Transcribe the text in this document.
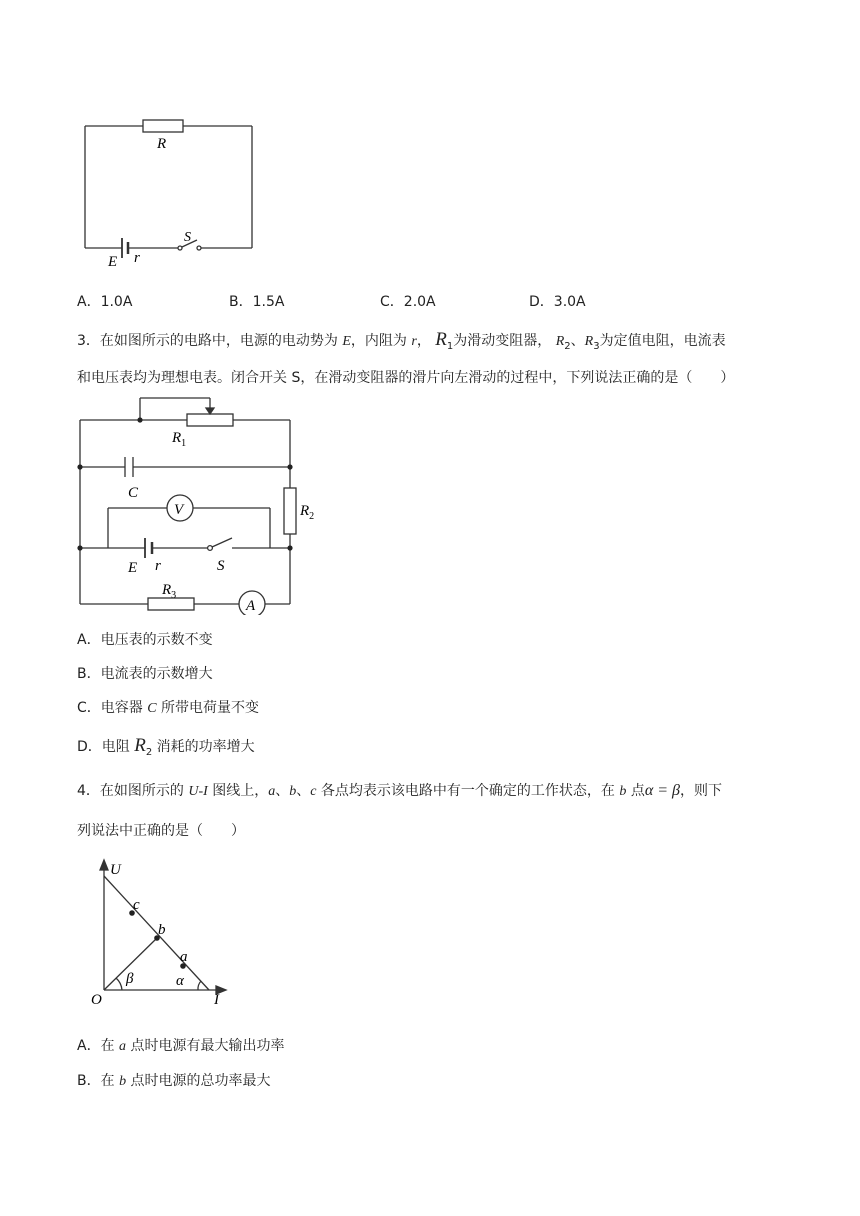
R
E r
S
A．1.0A	B．1.5A	C．2.0A	D．3.0A
3．在如图所示的电路中，电源的电动势为 E，内阻为 r， $R_1$为滑动变阻器， $R_2$、$R_3$为定值电阻，电流表
和电压表均为理想电表。闭合开关 S，在滑动变阻器的滑片向左滑动的过程中，下列说法正确的是（　　）
$R_1$
C
V	$R_2$
E r	S
$R_3$
A
A．电压表的示数不变
B．电流表的示数增大
C．电容器 C 所带电荷量不变
D．电阻 $R_2$ 消耗的功率增大
4．在如图所示的 U-I 图线上，a、b、c 各点均表示该电路中有一个确定的工作状态，在 b 点α = β，则下
列说法中正确的是（　　）
U
c
b
a
β	α
O	I
A．在 a 点时电源有最大输出功率
B．在 b 点时电源的总功率最大
